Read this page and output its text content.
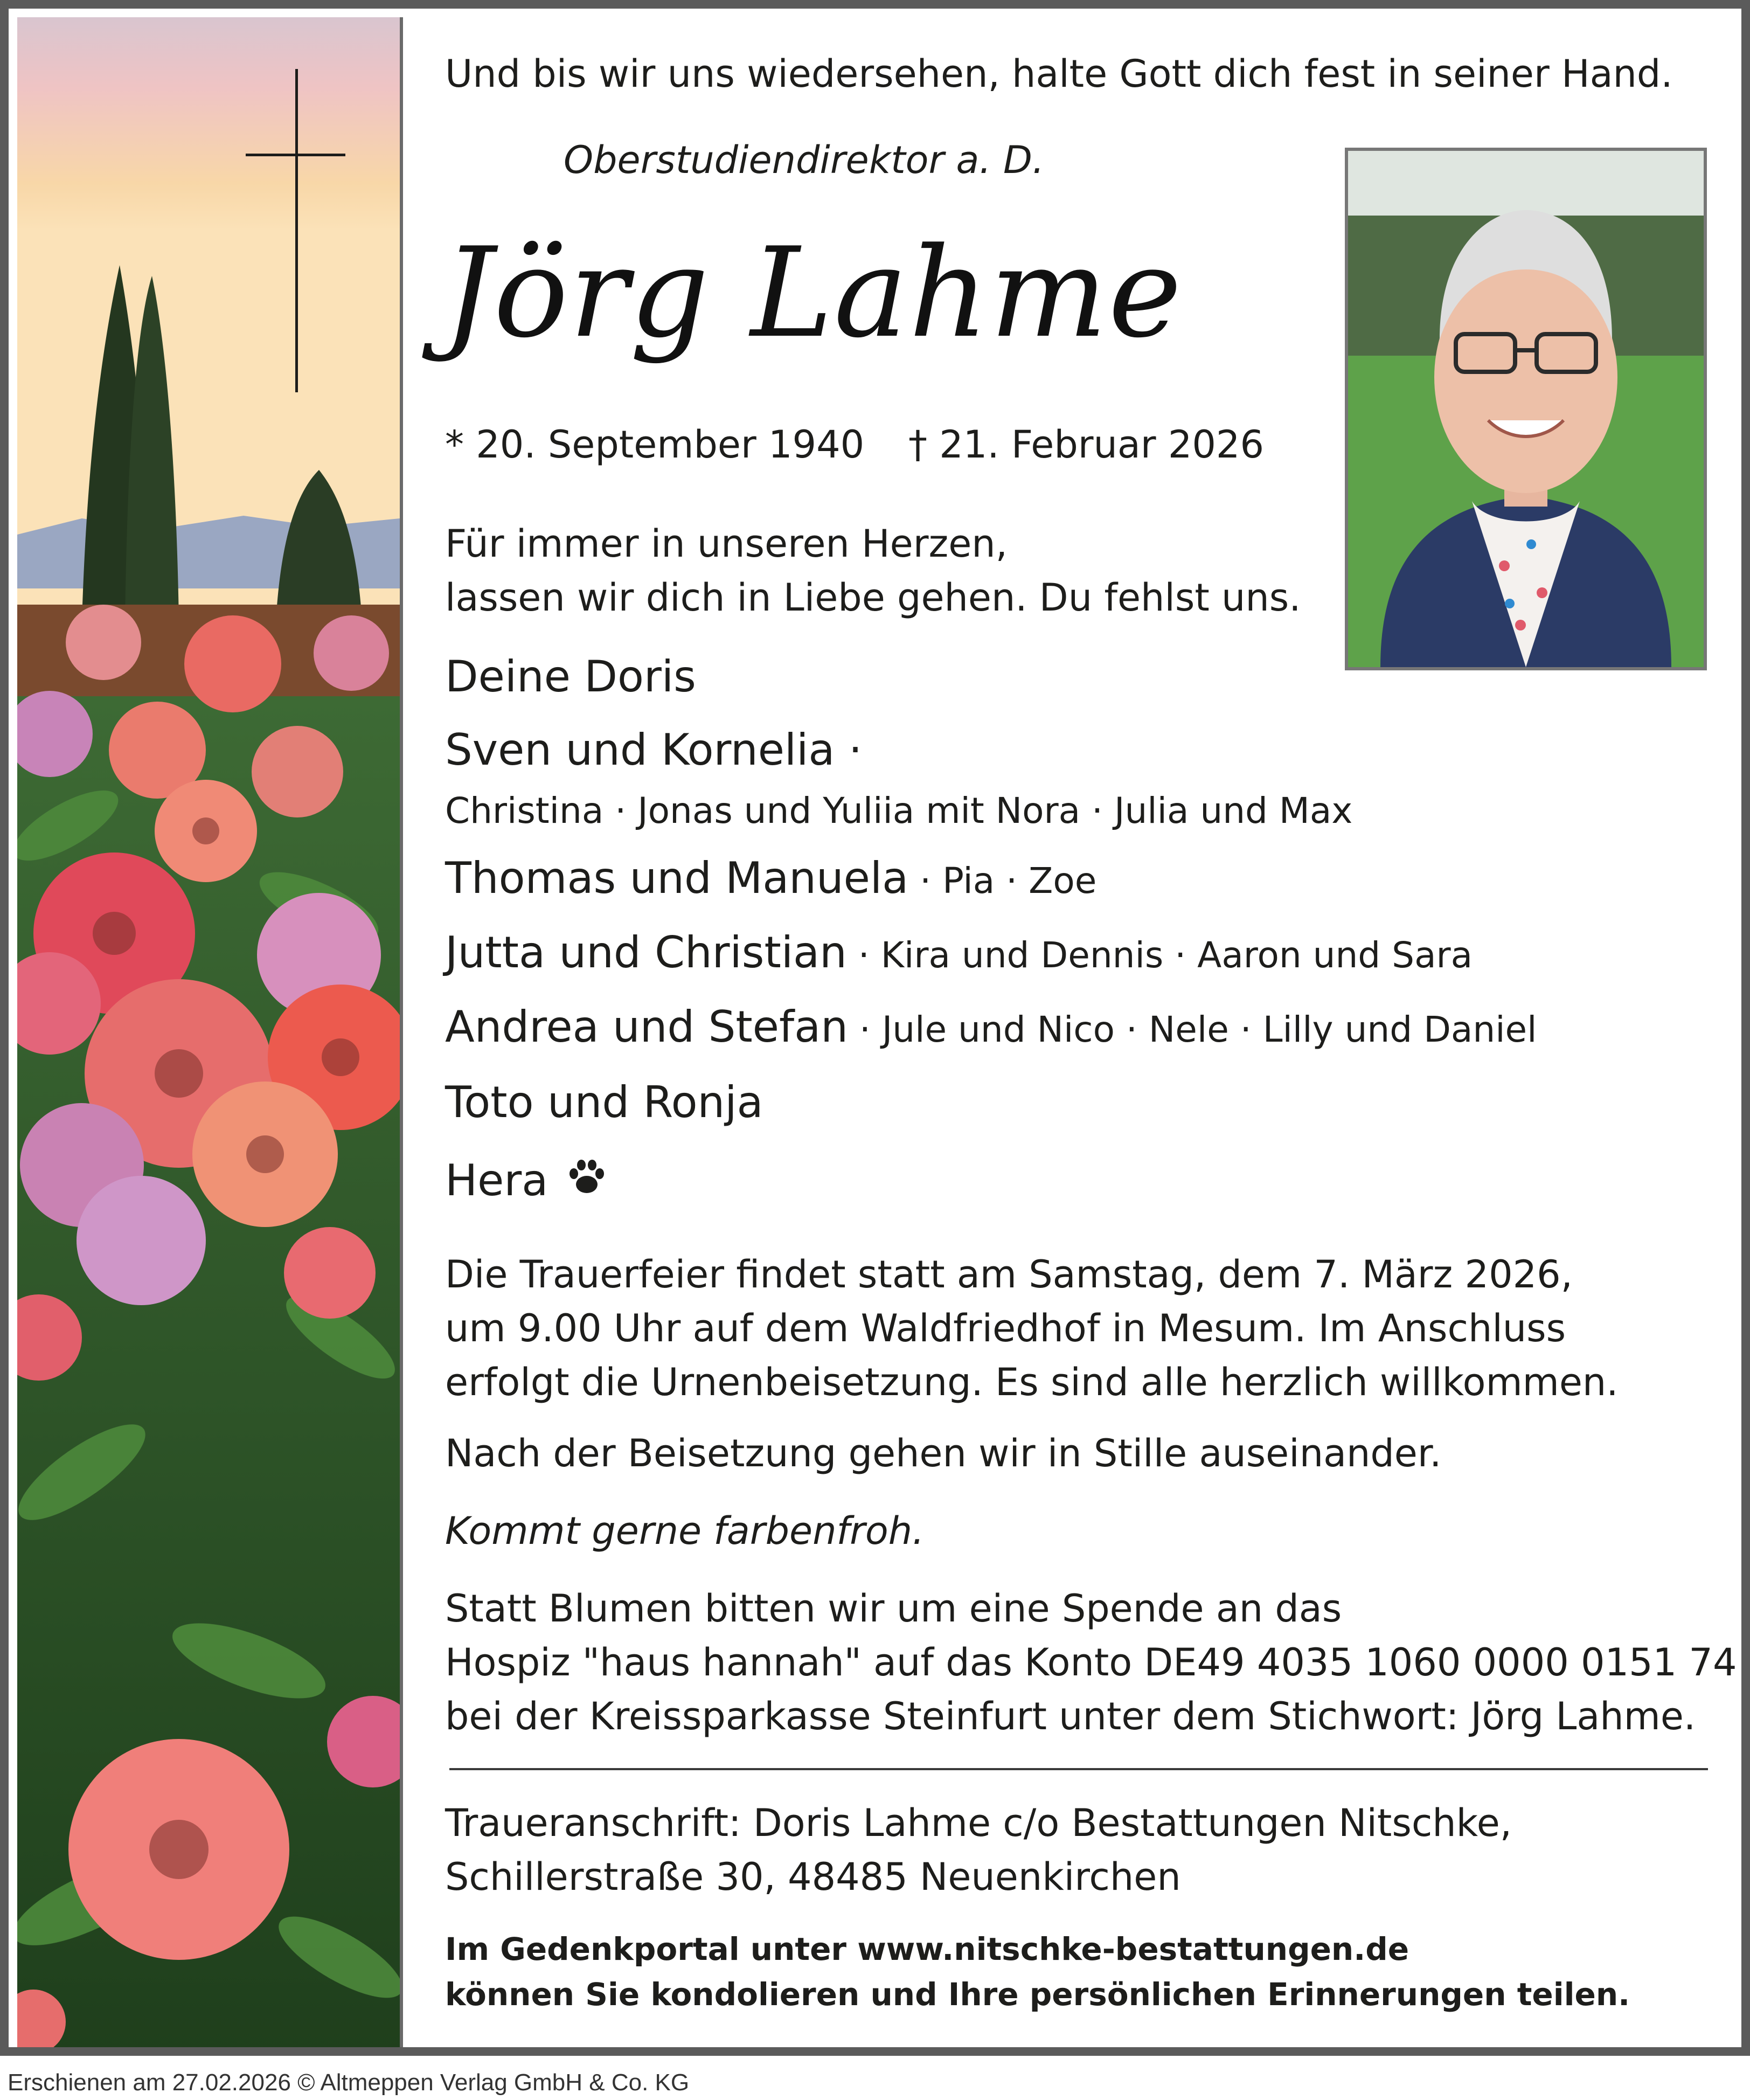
Und bis wir uns wiedersehen, halte Gott dich fest in seiner Hand.
Oberstudiendirektor a. D.
Jörg Lahme
* 20. September 1940 † 21. Februar 2026
Für immer in unseren Herzen,
lassen wir dich in Liebe gehen. Du fehlst uns.
Deine Doris
Sven und Kornelia ·
Christina · Jonas und Yuliia mit Nora · Julia und Max
Thomas und Manuela · Pia · Zoe
Jutta und Christian · Kira und Dennis · Aaron und Sara
Andrea und Stefan · Jule und Nico · Nele · Lilly und Daniel
Toto und Ronja
Hera
Die Trauerfeier findet statt am Samstag, dem 7. März 2026,
um 9.00 Uhr auf dem Waldfriedhof in Mesum. Im Anschluss
erfolgt die Urnenbeisetzung. Es sind alle herzlich willkommen.
Nach der Beisetzung gehen wir in Stille auseinander.
Kommt gerne farbenfroh.
Statt Blumen bitten wir um eine Spende an das
Hospiz "haus hannah" auf das Konto DE49 4035 1060 0000 0151 74
bei der Kreissparkasse Steinfurt unter dem Stichwort: Jörg Lahme.
Traueranschrift: Doris Lahme c/o Bestattungen Nitschke,
Schillerstraße 30, 48485 Neuenkirchen
Im Gedenkportal unter www.nitschke-bestattungen.de
können Sie kondolieren und Ihre persönlichen Erinnerungen teilen.
Erschienen am 27.02.2026 © Altmeppen Verlag GmbH & Co. KG
